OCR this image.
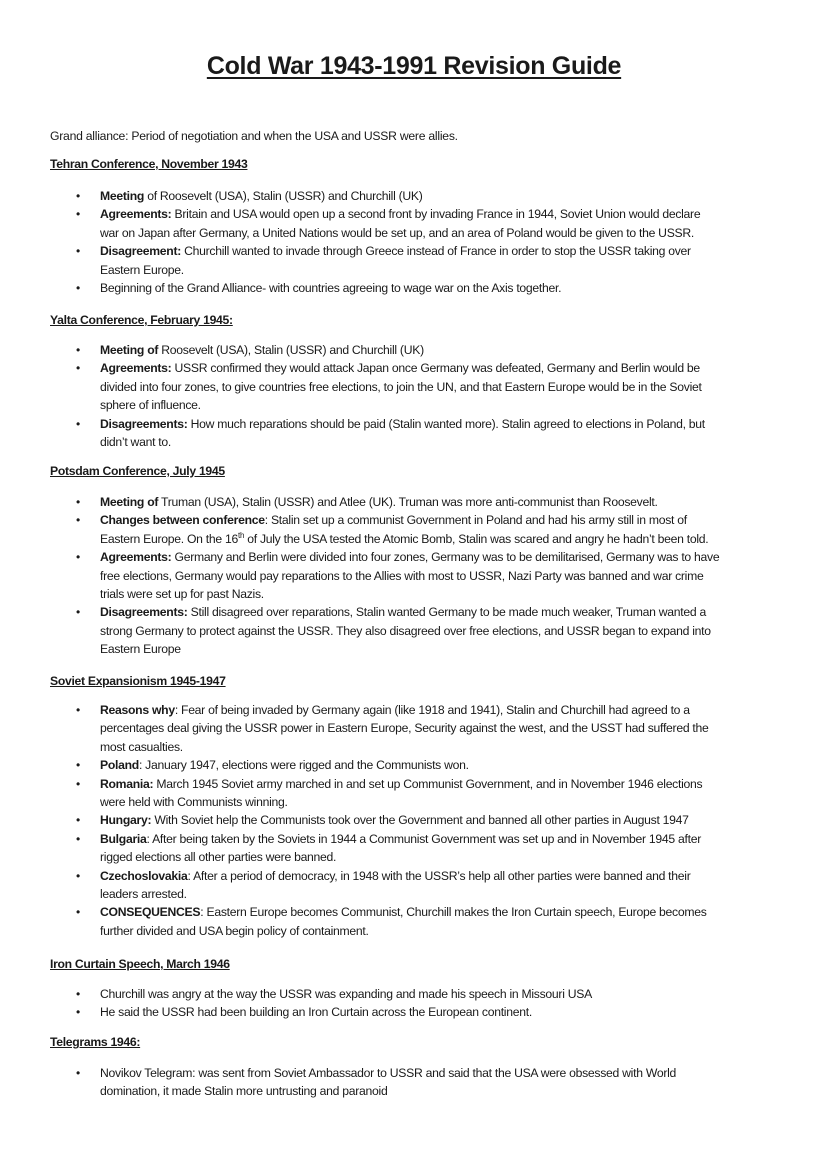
Cold War 1943-1991 Revision Guide
Grand alliance: Period of negotiation and when the USA and USSR were allies.
Tehran Conference, November 1943
• Meeting of Roosevelt (USA), Stalin (USSR) and Churchill (UK)
• Agreements: Britain and USA would open up a second front by invading France in 1944, Soviet Union would declare
war on Japan after Germany, a United Nations would be set up, and an area of Poland would be given to the USSR.
• Disagreement: Churchill wanted to invade through Greece instead of France in order to stop the USSR taking over
Eastern Europe.
• Beginning of the Grand Alliance- with countries agreeing to wage war on the Axis together.
Yalta Conference, February 1945:
• Meeting of Roosevelt (USA), Stalin (USSR) and Churchill (UK)
• Agreements: USSR confirmed they would attack Japan once Germany was defeated, Germany and Berlin would be
divided into four zones, to give countries free elections, to join the UN, and that Eastern Europe would be in the Soviet
sphere of influence.
• Disagreements: How much reparations should be paid (Stalin wanted more). Stalin agreed to elections in Poland, but
didn’t want to.
Potsdam Conference, July 1945
• Meeting of Truman (USA), Stalin (USSR) and Atlee (UK). Truman was more anti-communist than Roosevelt.
• Changes between conference: Stalin set up a communist Government in Poland and had his army still in most of
Eastern Europe. On the 16th of July the USA tested the Atomic Bomb, Stalin was scared and angry he hadn’t been told.
• Agreements: Germany and Berlin were divided into four zones, Germany was to be demilitarised, Germany was to have
free elections, Germany would pay reparations to the Allies with most to USSR, Nazi Party was banned and war crime
trials were set up for past Nazis.
• Disagreements: Still disagreed over reparations, Stalin wanted Germany to be made much weaker, Truman wanted a
strong Germany to protect against the USSR. They also disagreed over free elections, and USSR began to expand into
Eastern Europe
Soviet Expansionism 1945-1947
• Reasons why: Fear of being invaded by Germany again (like 1918 and 1941), Stalin and Churchill had agreed to a
percentages deal giving the USSR power in Eastern Europe, Security against the west, and the USST had suffered the
most casualties.
• Poland: January 1947, elections were rigged and the Communists won.
• Romania: March 1945 Soviet army marched in and set up Communist Government, and in November 1946 elections
were held with Communists winning.
• Hungary: With Soviet help the Communists took over the Government and banned all other parties in August 1947
• Bulgaria: After being taken by the Soviets in 1944 a Communist Government was set up and in November 1945 after
rigged elections all other parties were banned.
• Czechoslovakia: After a period of democracy, in 1948 with the USSR’s help all other parties were banned and their
leaders arrested.
• CONSEQUENCES: Eastern Europe becomes Communist, Churchill makes the Iron Curtain speech, Europe becomes
further divided and USA begin policy of containment.
Iron Curtain Speech, March 1946
• Churchill was angry at the way the USSR was expanding and made his speech in Missouri USA
• He said the USSR had been building an Iron Curtain across the European continent.
Telegrams 1946:
• Novikov Telegram: was sent from Soviet Ambassador to USSR and said that the USA were obsessed with World
domination, it made Stalin more untrusting and paranoid
